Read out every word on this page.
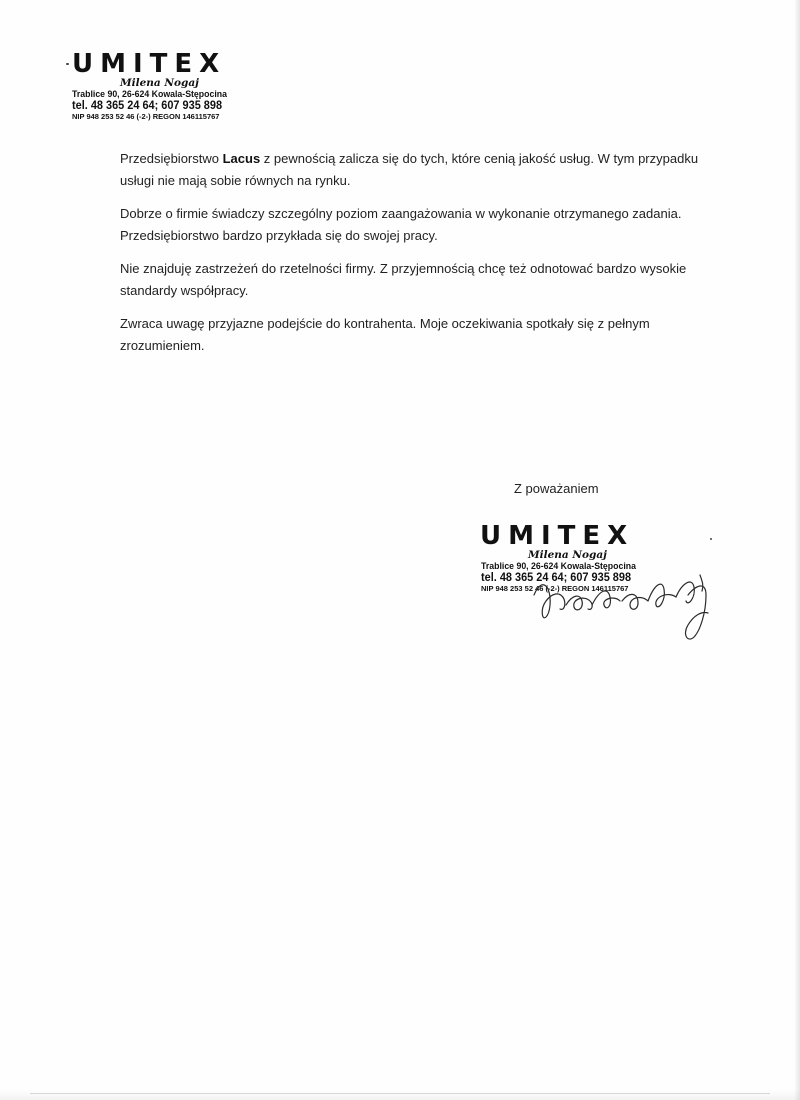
UMITEX
Milena Nogaj
Trablice 90, 26-624 Kowala-Stępocina
tel. 48 365 24 64; 607 935 898
NIP 948 253 52 46 (-2-) REGON 146115767

Przedsiębiorstwo Lacus z pewnością zalicza się do tych, które cenią jakość usług. W tym przypadku usługi nie mają sobie równych na rynku.

Dobrze o firmie świadczy szczególny poziom zaangażowania w wykonanie otrzymanego zadania. Przedsiębiorstwo bardzo przykłada się do swojej pracy.

Nie znajduję zastrzeżeń do rzetelności firmy. Z przyjemnością chcę też odnotować bardzo wysokie standardy współpracy.

Zwraca uwagę przyjazne podejście do kontrahenta. Moje oczekiwania spotkały się z pełnym zrozumieniem.

Z poważaniem
UMITEX
Milena Nogaj
Trablice 90, 26-624 Kowala-Stępocina
tel. 48 365 24 64; 607 935 898
NIP 948 253 52 46 (-2-) REGON 146115767
